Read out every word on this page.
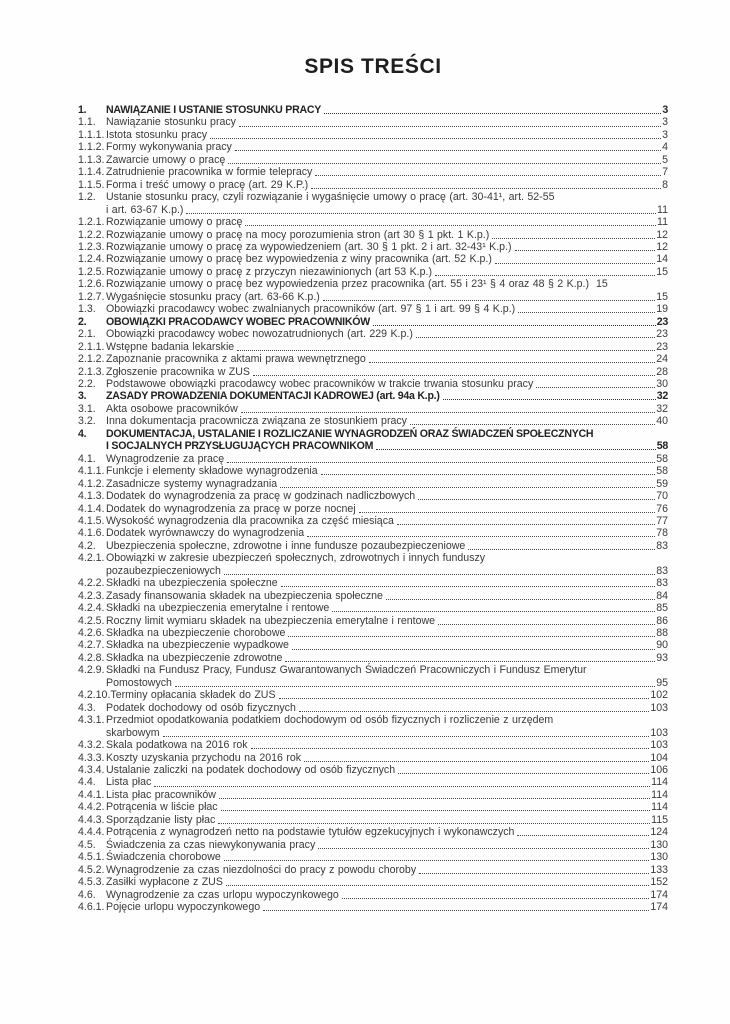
SPIS TREŚCI
1.	NAWIĄZANIE I USTANIE STOSUNKU PRACY	3
1.1. Nawiązanie stosunku pracy	3
1.1.1. Istota stosunku pracy	3
1.1.2. Formy wykonywania pracy	4
1.1.3. Zawarcie umowy o pracę	5
1.1.4. Zatrudnienie pracownika w formie telepracy	7
1.1.5. Forma i treść umowy o pracę (art. 29 K.P.)	8
1.2. Ustanie stosunku pracy, czyli rozwiązanie i wygaśnięcie umowy o pracę (art. 30-41¹, art. 52-55
i art. 63-67 K.p.)	11
1.2.1. Rozwiązanie umowy o pracę	11
1.2.2. Rozwiązanie umowy o pracę na mocy porozumienia stron (art 30 § 1 pkt. 1 K.p.)	12
1.2.3. Rozwiązanie umowy o pracę za wypowiedzeniem (art. 30 § 1 pkt. 2 i art. 32-43¹ K.p.)	12
1.2.4. Rozwiązanie umowy o pracę bez wypowiedzenia z winy pracownika (art. 52 K.p.)	14
1.2.5. Rozwiązanie umowy o pracę z przyczyn niezawinionych (art 53 K.p.)	15
1.2.6. Rozwiązanie umowy o pracę bez wypowiedzenia przez pracownika (art. 55 i 23¹ § 4 oraz 48 § 2 K.p.) 15
1.2.7. Wygaśnięcie stosunku pracy (art. 63-66 K.p.)	15
1.3. Obowiązki pracodawcy wobec zwalnianych pracowników (art. 97 § 1 i art. 99 § 4 K.p.)	19
2.	OBOWIĄZKI PRACODAWCY WOBEC PRACOWNIKÓW	23
2.1. Obowiązki pracodawcy wobec nowozatrudnionych (art. 229 K.p.)	23
2.1.1. Wstępne badania lekarskie	23
2.1.2. Zapoznanie pracownika z aktami prawa wewnętrznego	24
2.1.3. Zgłoszenie pracownika w ZUS	28
2.2. Podstawowe obowiązki pracodawcy wobec pracowników w trakcie trwania stosunku pracy	30
3.	ZASADY PROWADZENIA DOKUMENTACJI KADROWEJ (art. 94a K.p.)	32
3.1. Akta osobowe pracowników	32
3.2. Inna dokumentacja pracownicza związana ze stosunkiem pracy	40
4.	DOKUMENTACJA, USTALANIE I ROZLICZANIE WYNAGRODZEŃ ORAZ ŚWIADCZEŃ SPOŁECZNYCH
I SOCJALNYCH PRZYSŁUGUJĄCYCH PRACOWNIKOM	58
4.1. Wynagrodzenie za pracę	58
4.1.1. Funkcje i elementy składowe wynagrodzenia	58
4.1.2. Zasadnicze systemy wynagradzania	59
4.1.3. Dodatek do wynagrodzenia za pracę w godzinach nadliczbowych	70
4.1.4. Dodatek do wynagrodzenia za pracę w porze nocnej	76
4.1.5. Wysokość wynagrodzenia dla pracownika za część miesiąca	77
4.1.6. Dodatek wyrównawczy do wynagrodzenia	78
4.2. Ubezpieczenia społeczne, zdrowotne i inne fundusze pozaubezpieczeniowe	83
4.2.1. Obowiązki w zakresie ubezpieczeń społecznych, zdrowotnych i innych funduszy
pozaubezpieczeniowych	83
4.2.2. Składki na ubezpieczenia społeczne	83
4.2.3. Zasady finansowania składek na ubezpieczenia społeczne	84
4.2.4. Składki na ubezpieczenia emerytalne i rentowe	85
4.2.5. Roczny limit wymiaru składek na ubezpieczenia emerytalne i rentowe	86
4.2.6. Składka na ubezpieczenie chorobowe	88
4.2.7. Składka na ubezpieczenie wypadkowe	90
4.2.8. Składka na ubezpieczenie zdrowotne	93
4.2.9. Składki na Fundusz Pracy, Fundusz Gwarantowanych Świadczeń Pracowniczych i Fundusz Emerytur
Pomostowych	95
4.2.10. Terminy opłacania składek do ZUS	102
4.3. Podatek dochodowy od osób fizycznych	103
4.3.1. Przedmiot opodatkowania podatkiem dochodowym od osób fizycznych i rozliczenie z urzędem
skarbowym	103
4.3.2. Skala podatkowa na 2016 rok	103
4.3.3. Koszty uzyskania przychodu na 2016 rok	104
4.3.4. Ustalanie zaliczki na podatek dochodowy od osób fizycznych	106
4.4. Lista płac	114
4.4.1. Lista płac pracowników	114
4.4.2. Potrącenia w liście płac	114
4.4.3. Sporządzanie listy płac	115
4.4.4. Potrącenia z wynagrodzeń netto na podstawie tytułów egzekucyjnych i wykonawczych	124
4.5. Świadczenia za czas niewykonywania pracy	130
4.5.1. Świadczenia chorobowe	130
4.5.2. Wynagrodzenie za czas niezdolności do pracy z powodu choroby	133
4.5.3. Zasiłki wypłacone z ZUS	152
4.6. Wynagrodzenie za czas urlopu wypoczynkowego	174
4.6.1. Pojęcie urlopu wypoczynkowego	174
